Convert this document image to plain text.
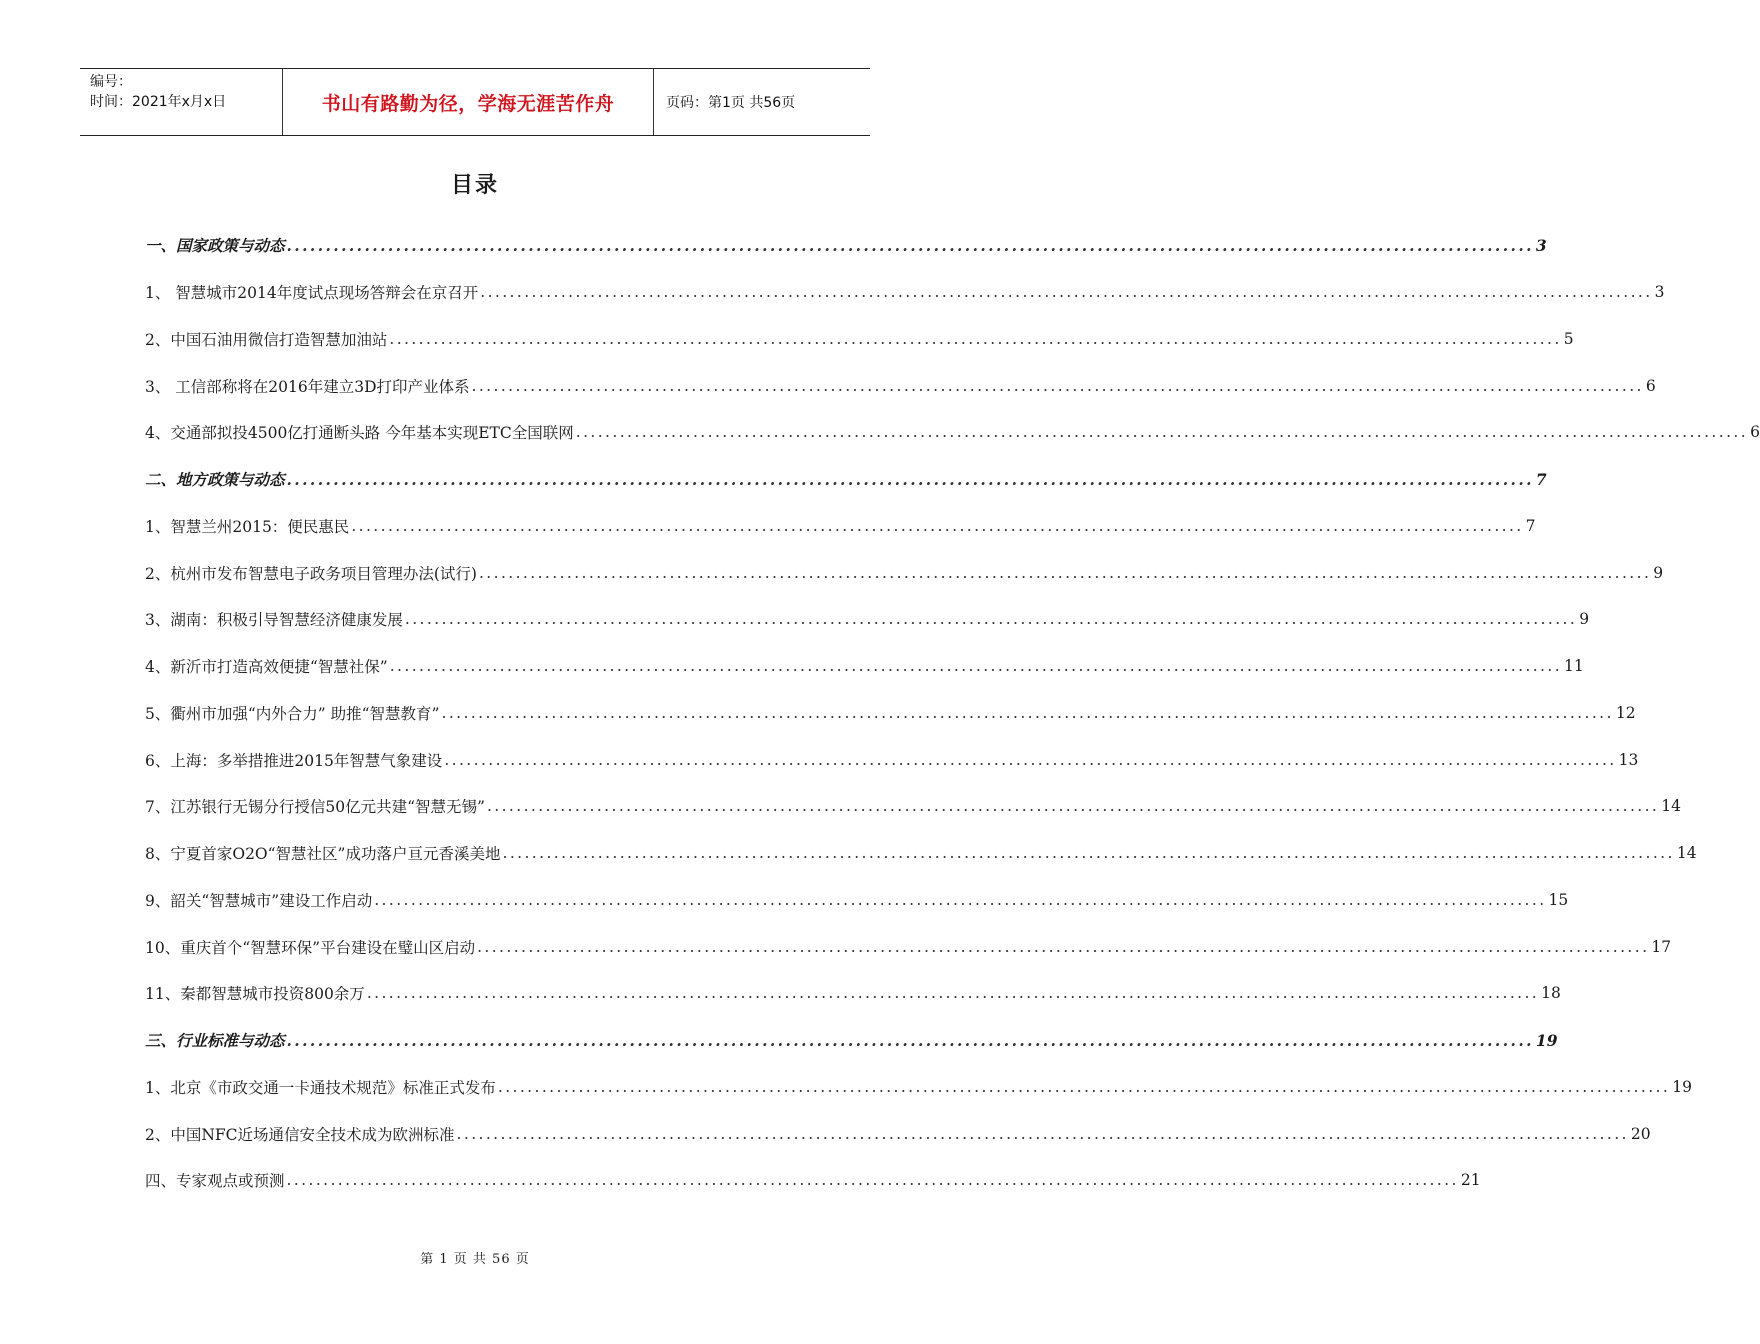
编号：
时间：2021年x月x日	书山有路勤为径，学海无涯苦作舟	页码：第1页 共56页
目录
一、国家政策与动态 ................................................................................................................................................................ 3
1、 智慧城市2014年度试点现场答辩会在京召开 ................................................................................................................................................................ 3
2、中国石油用微信打造智慧加油站 ................................................................................................................................................................ 5
3、 工信部称将在2016年建立3D打印产业体系 ................................................................................................................................................................ 6
4、交通部拟投4500亿打通断头路 今年基本实现ETC全国联网 ................................................................................................................................................................ 6
二、地方政策与动态 ................................................................................................................................................................ 7
1、智慧兰州2015：便民惠民 ................................................................................................................................................................ 7
2、杭州市发布智慧电子政务项目管理办法(试行) ................................................................................................................................................................ 9
3、湖南：积极引导智慧经济健康发展 ................................................................................................................................................................ 9
4、新沂市打造高效便捷“智慧社保” ................................................................................................................................................................ 11
5、衢州市加强“内外合力” 助推“智慧教育” ................................................................................................................................................................ 12
6、上海：多举措推进2015年智慧气象建设 ................................................................................................................................................................ 13
7、江苏银行无锡分行授信50亿元共建“智慧无锡” ................................................................................................................................................................ 14
8、宁夏首家O2O“智慧社区”成功落户亘元香溪美地 ................................................................................................................................................................ 14
9、韶关“智慧城市”建设工作启动 ................................................................................................................................................................ 15
10、重庆首个“智慧环保”平台建设在璧山区启动 ................................................................................................................................................................ 17
11、秦都智慧城市投资800余万 ................................................................................................................................................................ 18
三、行业标准与动态 ................................................................................................................................................................ 19
1、北京《市政交通一卡通技术规范》标准正式发布 ................................................................................................................................................................ 19
2、中国NFC近场通信安全技术成为欧洲标准 ................................................................................................................................................................ 20
四、专家观点或预测 ................................................................................................................................................................ 21
第 1 页 共 56 页
